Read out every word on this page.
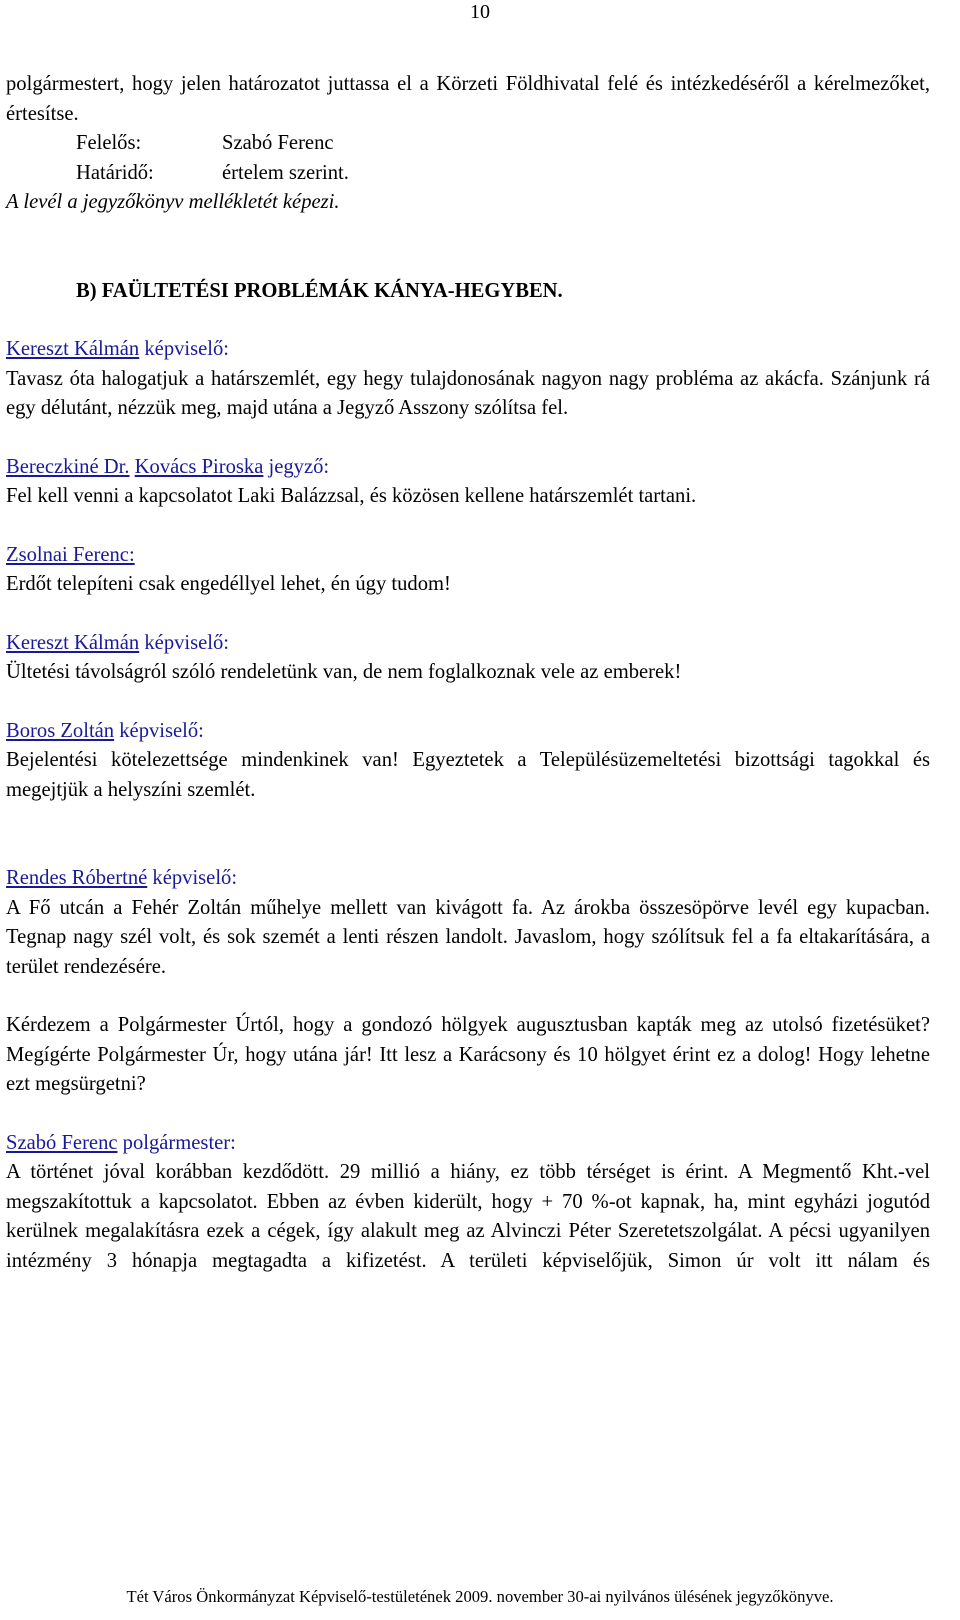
10

polgármestert, hogy jelen határozatot juttassa el a Körzeti Földhivatal felé és intézkedéséről a kérelmezőket, értesítse.

Felelős:	Szabó Ferenc
Határidő:	értelem szerint.

A levél a jegyzőkönyv mellékletét képezi.

B) FAÜLTETÉSI PROBLÉMÁK KÁNYA-HEGYBEN.

Kereszt Kálmán képviselő:

Tavasz óta halogatjuk a határszemlét, egy hegy tulajdonosának nagyon nagy probléma az akácfa. Szánjunk rá egy délutánt, nézzük meg, majd utána a Jegyző Asszony szólítsa fel.

Bereczkiné Dr. Kovács Piroska jegyző:

Fel kell venni a kapcsolatot Laki Balázzsal, és közösen kellene határszemlét tartani.

Zsolnai Ferenc:

Erdőt telepíteni csak engedéllyel lehet, én úgy tudom!

Kereszt Kálmán képviselő:

Ültetési távolságról szóló rendeletünk van, de nem foglalkoznak vele az emberek!

Boros Zoltán képviselő:

Bejelentési kötelezettsége mindenkinek van! Egyeztetek a Településüzemeltetési bizottsági tagokkal és megejtjük a helyszíni szemlét.

Rendes Róbertné képviselő:

A Fő utcán a Fehér Zoltán műhelye mellett van kivágott fa. Az árokba összesöpörve levél egy kupacban. Tegnap nagy szél volt, és sok szemét a lenti részen landolt. Javaslom, hogy szólítsuk fel a fa eltakarítására, a terület rendezésére.

Kérdezem a Polgármester Úrtól, hogy a gondozó hölgyek augusztusban kapták meg az utolsó fizetésüket? Megígérte Polgármester Úr, hogy utána jár! Itt lesz a Karácsony és 10 hölgyet érint ez a dolog! Hogy lehetne ezt megsürgetni?

Szabó Ferenc polgármester:

A történet jóval korábban kezdődött. 29 millió a hiány, ez több térséget is érint. A Megmentő Kht.-vel megszakítottuk a kapcsolatot. Ebben az évben kiderült, hogy + 70 %-ot kapnak, ha, mint egyházi jogutód kerülnek megalakításra ezek a cégek, így alakult meg az Alvinczi Péter Szeretetszolgálat. A pécsi ugyanilyen intézmény 3 hónapja megtagadta a kifizetést. A területi képviselőjük, Simon úr volt itt nálam és

Tét Város Önkormányzat Képviselő-testületének 2009. november 30-ai nyilvános ülésének jegyzőkönyve.
